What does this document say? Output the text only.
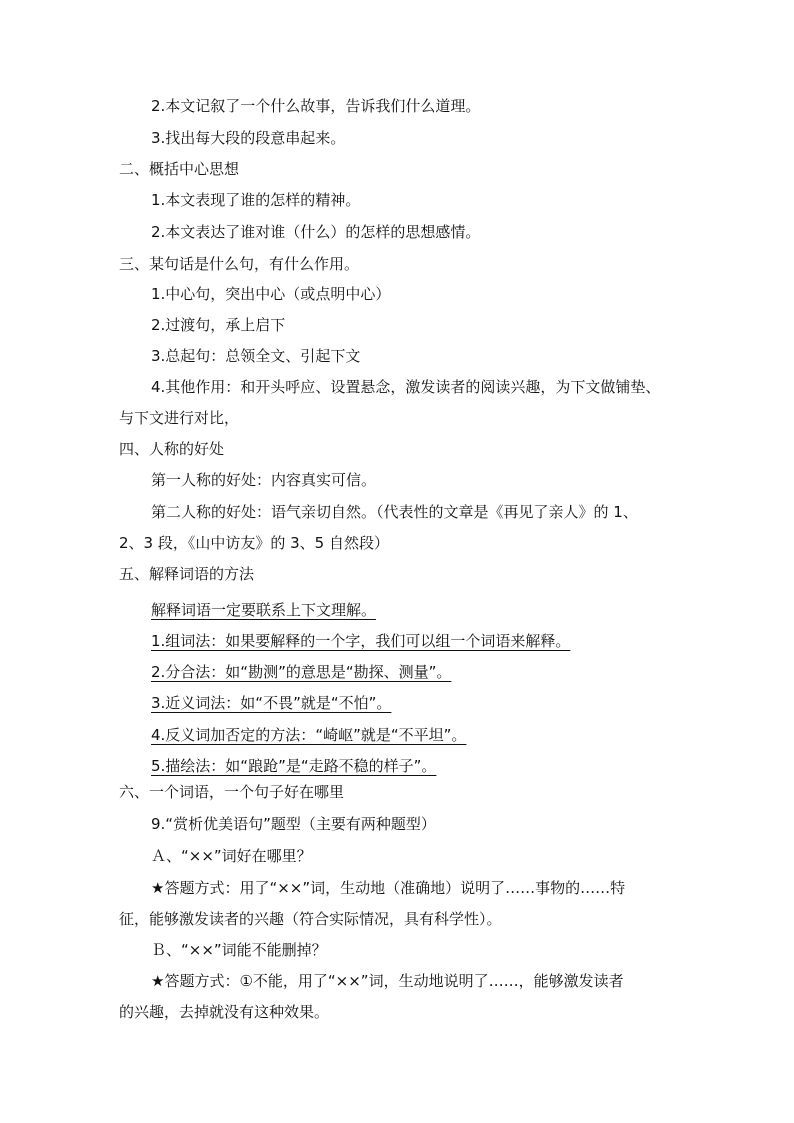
2.本文记叙了一个什么故事，告诉我们什么道理。
3.找出每大段的段意串起来。
二、概括中心思想
1.本文表现了谁的怎样的精神。
2.本文表达了谁对谁（什么）的怎样的思想感情。
三、某句话是什么句，有什么作用。
1.中心句，突出中心（或点明中心）
2.过渡句，承上启下
3.总起句：总领全文、引起下文
4.其他作用：和开头呼应、设置悬念，激发读者的阅读兴趣，为下文做铺垫、
与下文进行对比，
四、人称的好处
第一人称的好处：内容真实可信。
第二人称的好处：语气亲切自然。（代表性的文章是《再见了亲人》的 1、
2、3 段，《山中访友》的 3、5 自然段）
五、解释词语的方法
解释词语一定要联系上下文理解。
1.组词法：如果要解释的一个字，我们可以组一个词语来解释。
2.分合法：如“勘测”的意思是“勘探、测量”。
3.近义词法：如“不畏”就是“不怕”。
4.反义词加否定的方法：“崎岖”就是“不平坦”。
5.描绘法：如“踉跄”是“走路不稳的样子”。
六、一个词语，一个句子好在哪里
9.“赏析优美语句”题型（主要有两种题型）
Ａ、“××”词好在哪里？
★答题方式：用了“××”词，生动地（准确地）说明了……事物的……特
征，能够激发读者的兴趣（符合实际情况，具有科学性）。
Ｂ、“××”词能不能删掉？
★答题方式：①不能，用了“××”词，生动地说明了……，能够激发读者
的兴趣，去掉就没有这种效果。
